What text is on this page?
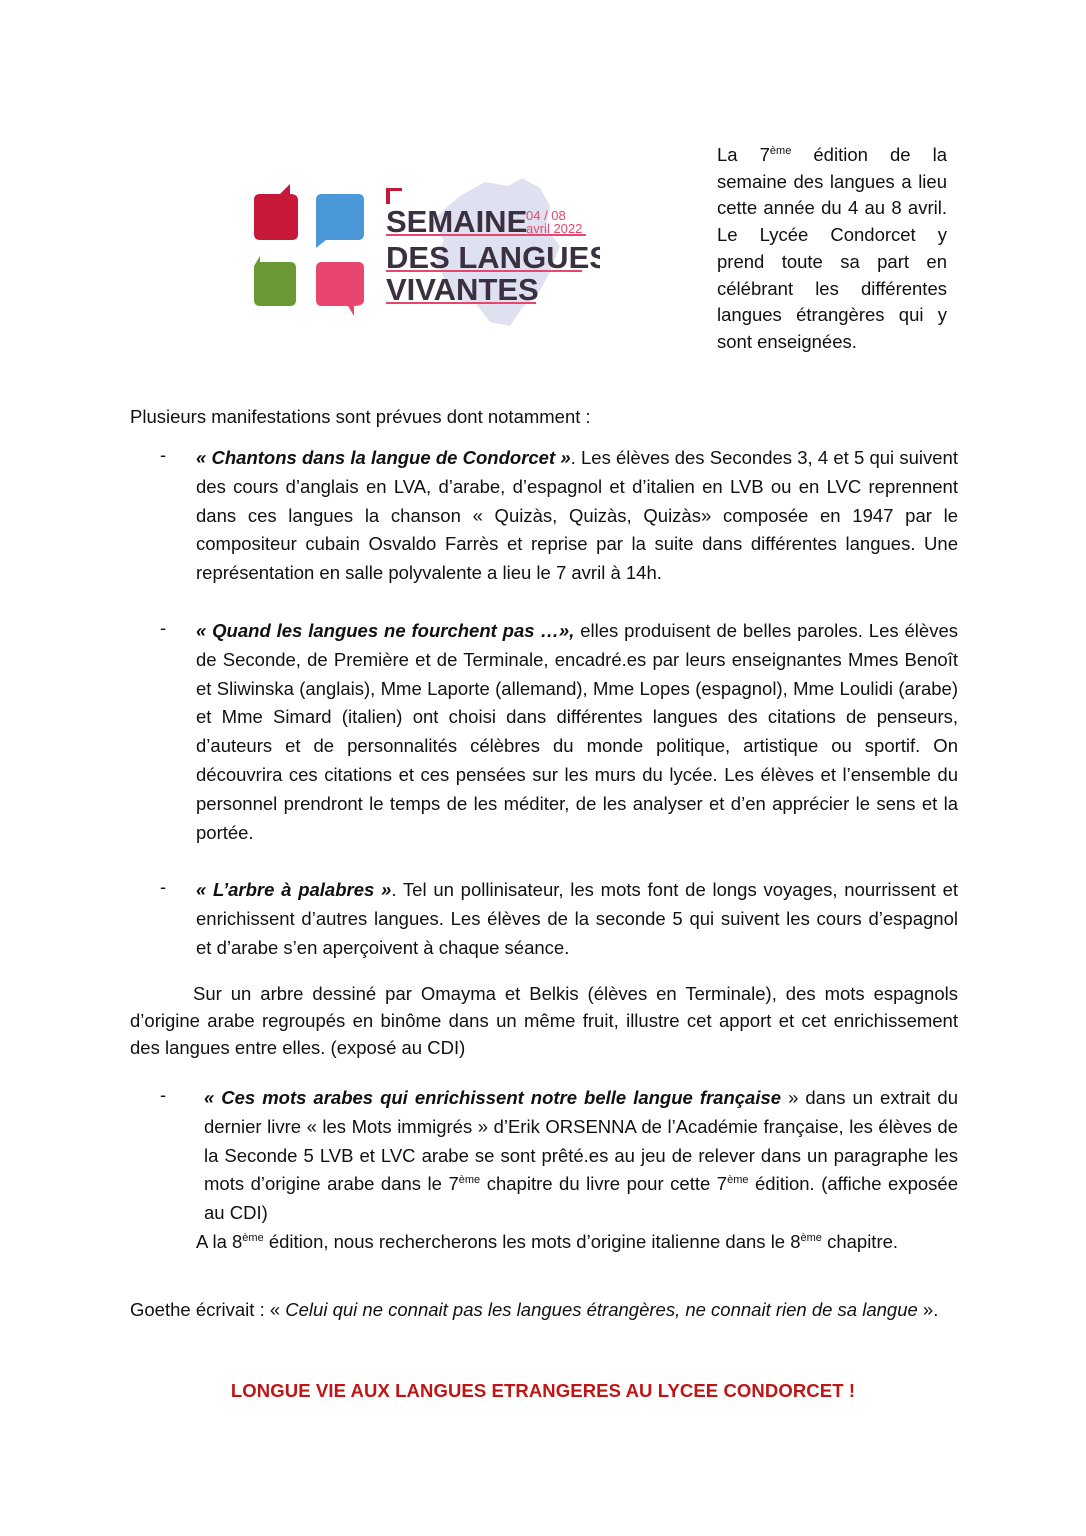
SEMAINE
04 / 08
avril 2022
DES LANGUES
VIVANTES

La 7ème édition de la semaine des langues a lieu cette année du 4 au 8 avril. Le Lycée Condorcet y prend toute sa part en célébrant les différentes langues étrangères qui y sont enseignées.

Plusieurs manifestations sont prévues dont notamment :

- « Chantons dans la langue de Condorcet ». Les élèves des Secondes 3, 4 et 5 qui suivent des cours d’anglais en LVA, d’arabe, d’espagnol et d’italien en LVB ou en LVC reprennent dans ces langues la chanson « Quizàs, Quizàs, Quizàs» composée en 1947 par le compositeur cubain Osvaldo Farrès et reprise par la suite dans différentes langues. Une représentation en salle polyvalente a lieu le 7 avril à 14h.

- « Quand les langues ne fourchent pas …», elles produisent de belles paroles. Les élèves de Seconde, de Première et de Terminale, encadré.es par leurs enseignantes Mmes Benoît et Sliwinska (anglais), Mme Laporte (allemand), Mme Lopes (espagnol), Mme Loulidi (arabe) et Mme Simard (italien) ont choisi dans différentes langues des citations de penseurs, d’auteurs et de personnalités célèbres du monde politique, artistique ou sportif. On découvrira ces citations et ces pensées sur les murs du lycée. Les élèves et l’ensemble du personnel prendront le temps de les méditer, de les analyser et d’en apprécier le sens et la portée.

- « L’arbre à palabres ». Tel un pollinisateur, les mots font de longs voyages, nourrissent et enrichissent d’autres langues. Les élèves de la seconde 5 qui suivent les cours d’espagnol et d’arabe s’en aperçoivent à chaque séance.

Sur un arbre dessiné par Omayma et Belkis (élèves en Terminale), des mots espagnols d’origine arabe regroupés en binôme dans un même fruit, illustre cet apport et cet enrichissement des langues entre elles. (exposé au CDI)

-	« Ces mots arabes qui enrichissent notre belle langue française » dans un extrait du dernier livre « les Mots immigrés » d’Erik ORSENNA de l’Académie française, les élèves de la Seconde 5 LVB et LVC arabe se sont prêté.es au jeu de relever dans un paragraphe les mots d’origine arabe dans le 7ème chapitre du livre pour cette 7ème édition. (affiche exposée au CDI)

A la 8ème édition, nous rechercherons les mots d’origine italienne dans le 8ème chapitre.

Goethe écrivait : « Celui qui ne connait pas les langues étrangères, ne connait rien de sa langue ».

LONGUE VIE AUX LANGUES ETRANGERES AU LYCEE CONDORCET !
